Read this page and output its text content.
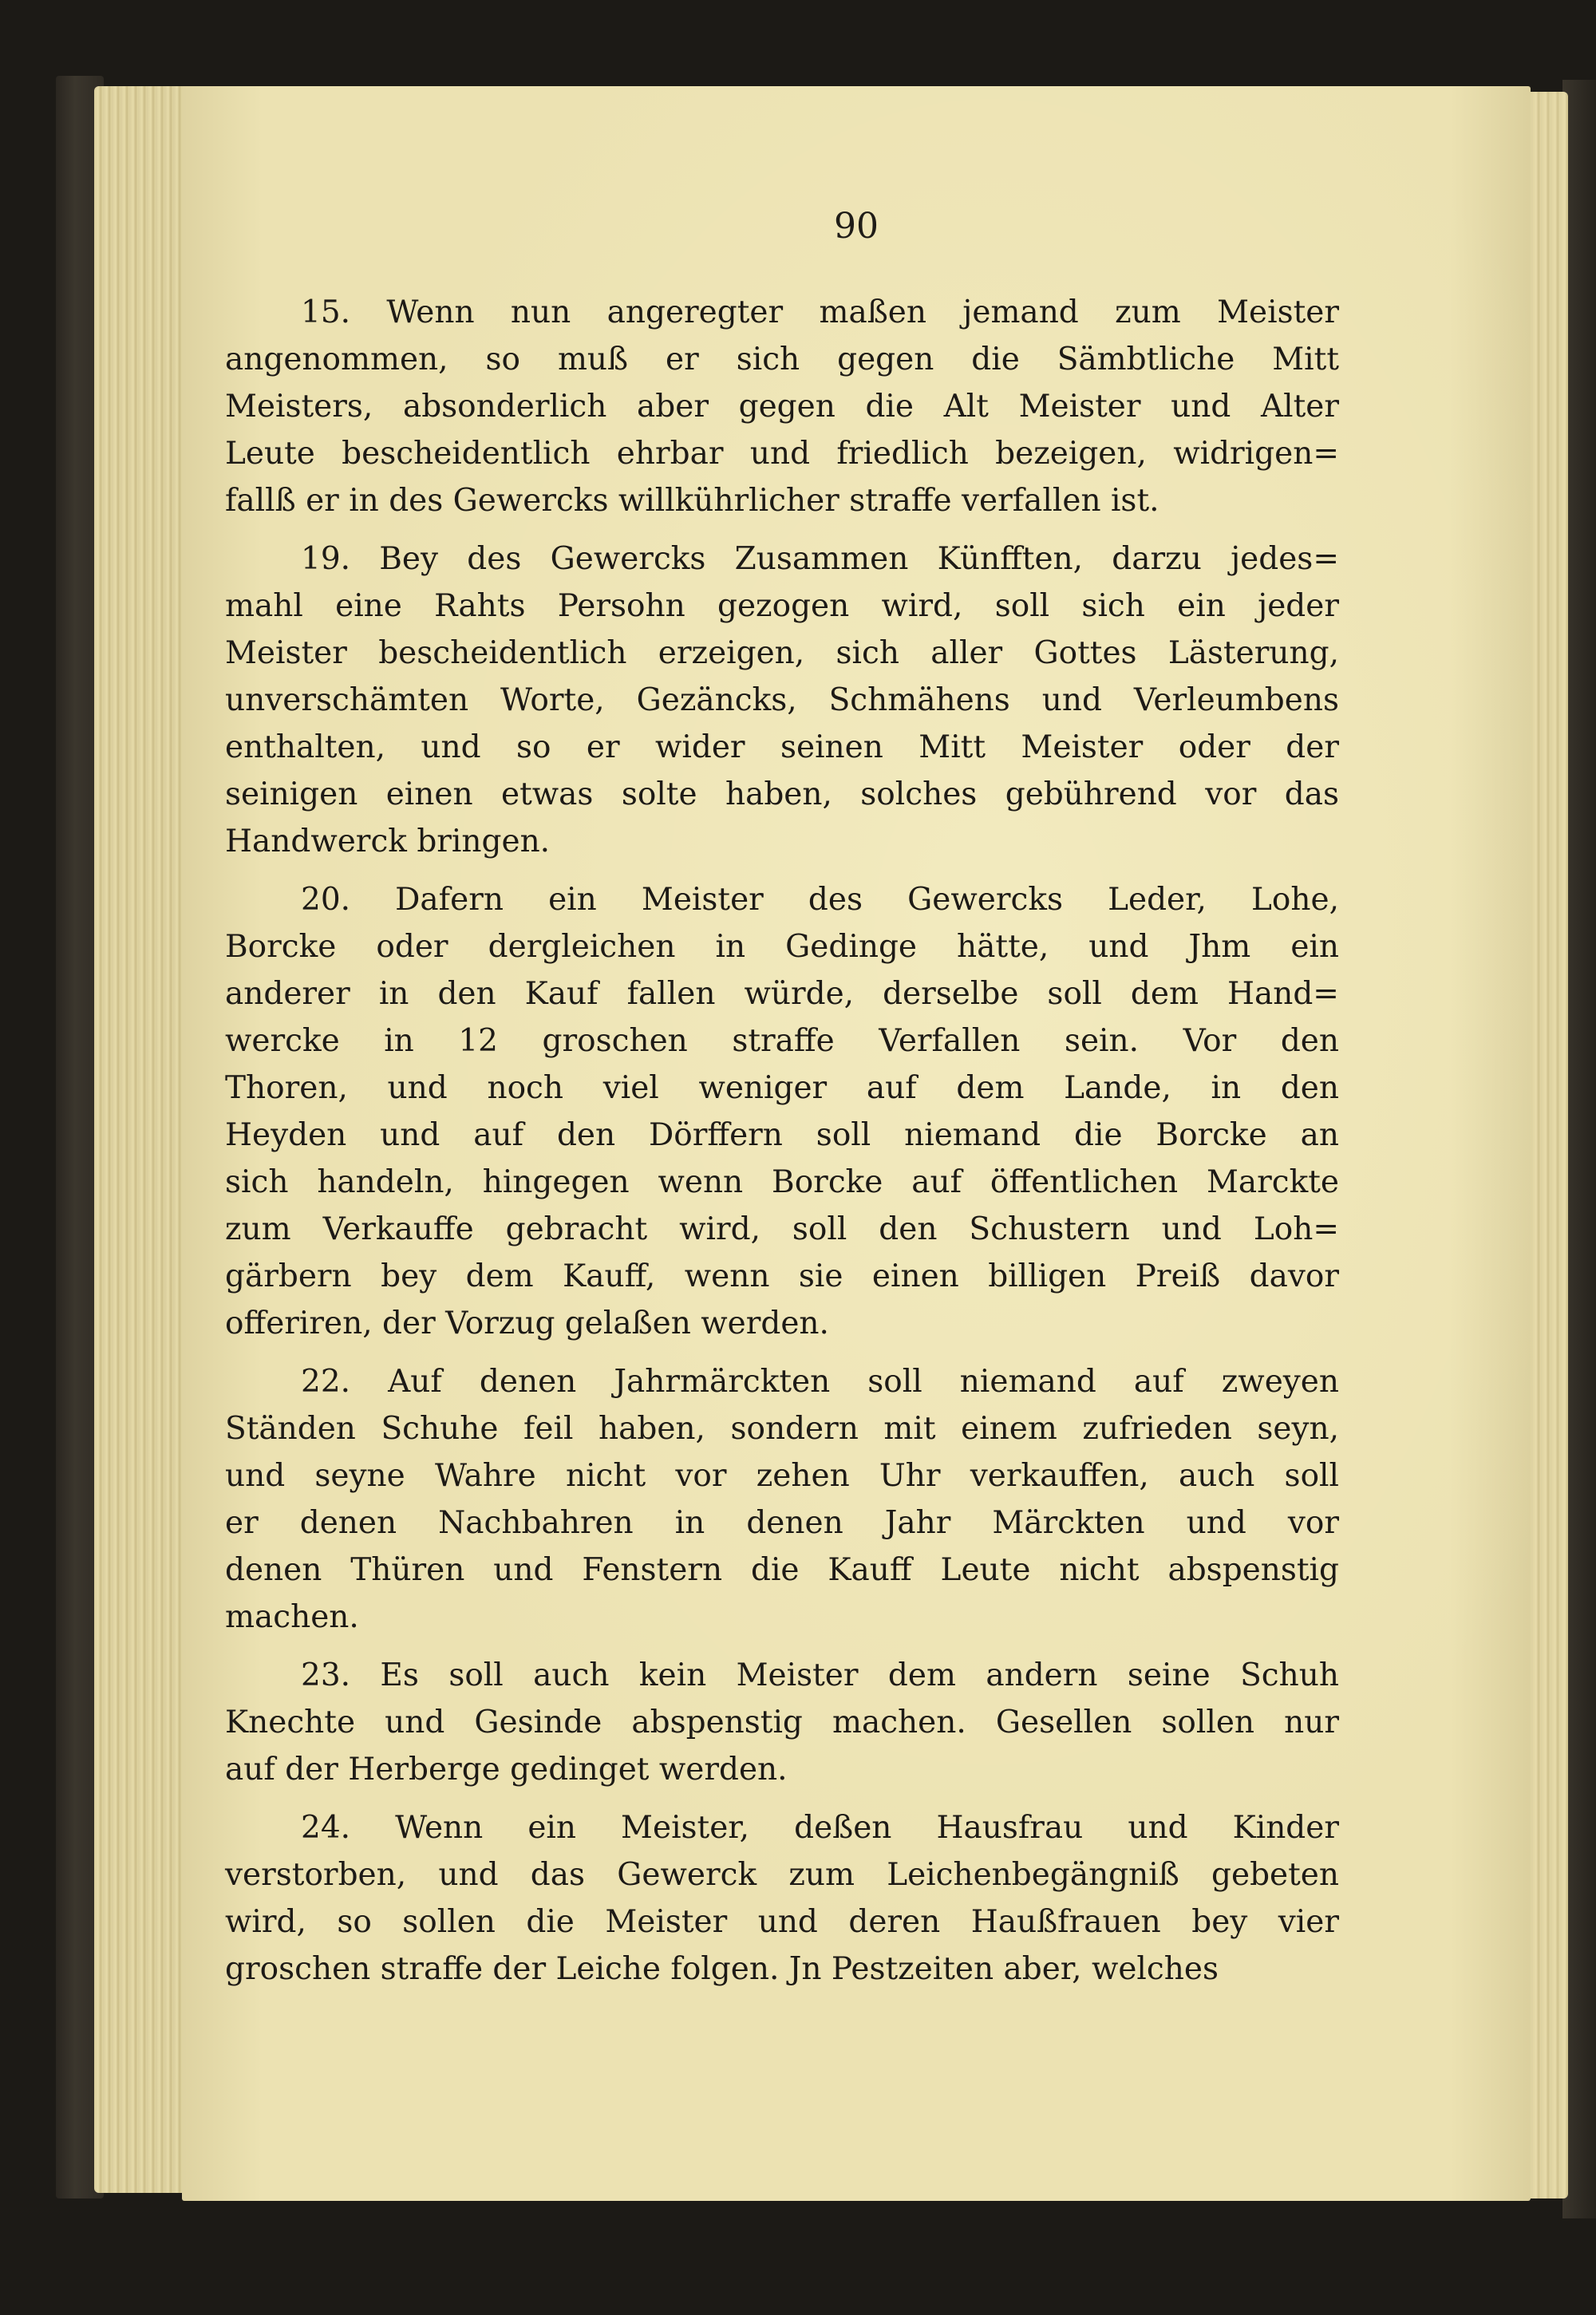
90

15. Wenn nun angeregter maßen jemand zum Meister
angenommen, so muß er sich gegen die Sämbtliche Mitt
Meisters, absonderlich aber gegen die Alt Meister und Alter
Leute bescheidentlich ehrbar und friedlich bezeigen, widrigen=
fallß er in des Gewercks willkührlicher straffe verfallen ist.
19. Bey des Gewercks Zusammen Künfften, darzu jedes=
mahl eine Rahts Persohn gezogen wird, soll sich ein jeder
Meister bescheidentlich erzeigen, sich aller Gottes Lästerung,
unverschämten Worte, Gezäncks, Schmähens und Verleumbens
enthalten, und so er wider seinen Mitt Meister oder der
seinigen einen etwas solte haben, solches gebührend vor das
Handwerck bringen.
20. Dafern ein Meister des Gewercks Leder, Lohe,
Borcke oder dergleichen in Gedinge hätte, und Jhm ein
anderer in den Kauf fallen würde, derselbe soll dem Hand=
wercke in 12 groschen straffe Verfallen sein. Vor den
Thoren, und noch viel weniger auf dem Lande, in den
Heyden und auf den Dörffern soll niemand die Borcke an
sich handeln, hingegen wenn Borcke auf öffentlichen Marckte
zum Verkauffe gebracht wird, soll den Schustern und Loh=
gärbern bey dem Kauff, wenn sie einen billigen Preiß davor
offeriren, der Vorzug gelaßen werden.
22. Auf denen Jahrmärckten soll niemand auf zweyen
Ständen Schuhe feil haben, sondern mit einem zufrieden seyn,
und seyne Wahre nicht vor zehen Uhr verkauffen, auch soll
er denen Nachbahren in denen Jahr Märckten und vor
denen Thüren und Fenstern die Kauff Leute nicht abspenstig
machen.
23. Es soll auch kein Meister dem andern seine Schuh
Knechte und Gesinde abspenstig machen. Gesellen sollen nur
auf der Herberge gedinget werden.
24. Wenn ein Meister, deßen Hausfrau und Kinder
verstorben, und das Gewerck zum Leichenbegängniß gebeten
wird, so sollen die Meister und deren Haußfrauen bey vier
groschen straffe der Leiche folgen. Jn Pestzeiten aber, welches
